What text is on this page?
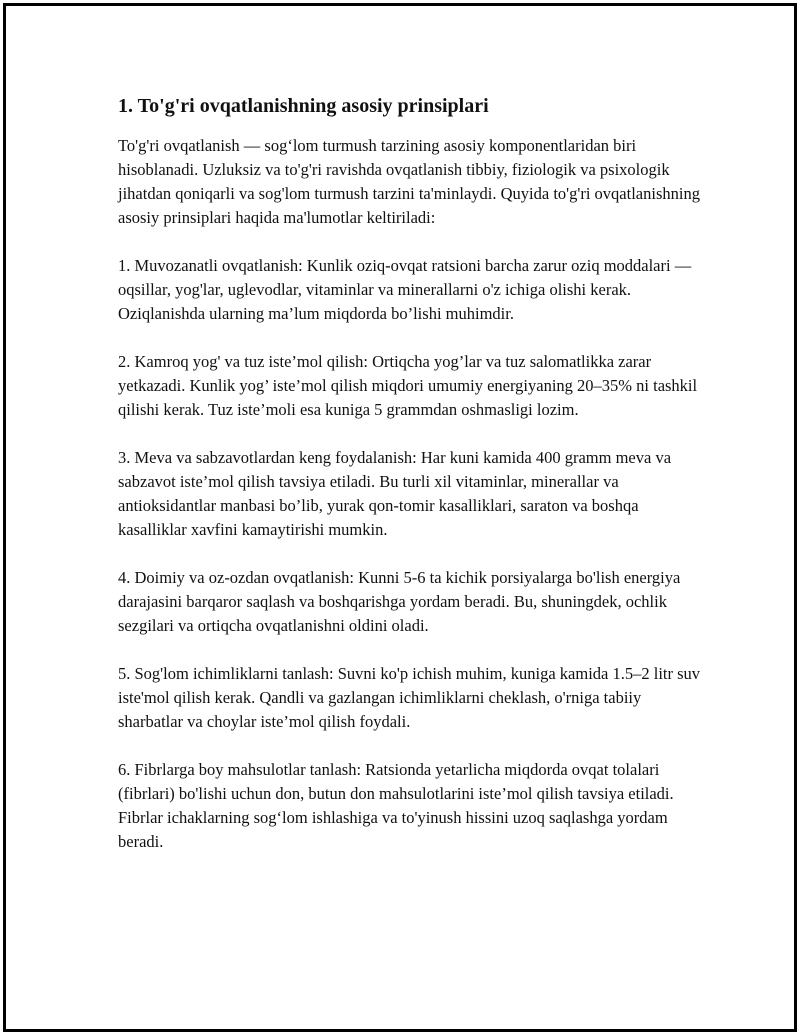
1. To'g'ri ovqatlanishning asosiy prinsiplari

To'g'ri ovqatlanish — sog‘lom turmush tarzining asosiy komponentlaridan biri hisoblanadi. Uzluksiz va to'g'ri ravishda ovqatlanish tibbiy, fiziologik va psixologik jihatdan qoniqarli va sog'lom turmush tarzini ta'minlaydi. Quyida to'g'ri ovqatlanishning asosiy prinsiplari haqida ma'lumotlar keltiriladi:

1. Muvozanatli ovqatlanish: Kunlik oziq-ovqat ratsioni barcha zarur oziq moddalari — oqsillar, yog'lar, uglevodlar, vitaminlar va minerallarni o'z ichiga olishi kerak. Oziqlanishda ularning ma’lum miqdorda bo’lishi muhimdir.

2. Kamroq yog' va tuz iste’mol qilish: Ortiqcha yog’lar va tuz salomatlikka zarar yetkazadi. Kunlik yog’ iste’mol qilish miqdori umumiy energiyaning 20–35% ni tashkil qilishi kerak. Tuz iste’moli esa kuniga 5 grammdan oshmasligi lozim.

3. Meva va sabzavotlardan keng foydalanish: Har kuni kamida 400 gramm meva va sabzavot iste’mol qilish tavsiya etiladi. Bu turli xil vitaminlar, minerallar va antioksidantlar manbasi bo’lib, yurak qon-tomir kasalliklari, saraton va boshqa kasalliklar xavfini kamaytirishi mumkin.

4. Doimiy va oz-ozdan ovqatlanish: Kunni 5-6 ta kichik porsiyalarga bo'lish energiya darajasini barqaror saqlash va boshqarishga yordam beradi. Bu, shuningdek, ochlik sezgilari va ortiqcha ovqatlanishni oldini oladi.

5. Sog'lom ichimliklarni tanlash: Suvni ko'p ichish muhim, kuniga kamida 1.5–2 litr suv iste'mol qilish kerak. Qandli va gazlangan ichimliklarni cheklash, o'rniga tabiiy sharbatlar va choylar iste’mol qilish foydali.

6. Fibrlarga boy mahsulotlar tanlash: Ratsionda yetarlicha miqdorda ovqat tolalari (fibrlari) bo'lishi uchun don, butun don mahsulotlarini iste’mol qilish tavsiya etiladi. Fibrlar ichaklarning sog‘lom ishlashiga va to'yinush hissini uzoq saqlashga yordam beradi.
